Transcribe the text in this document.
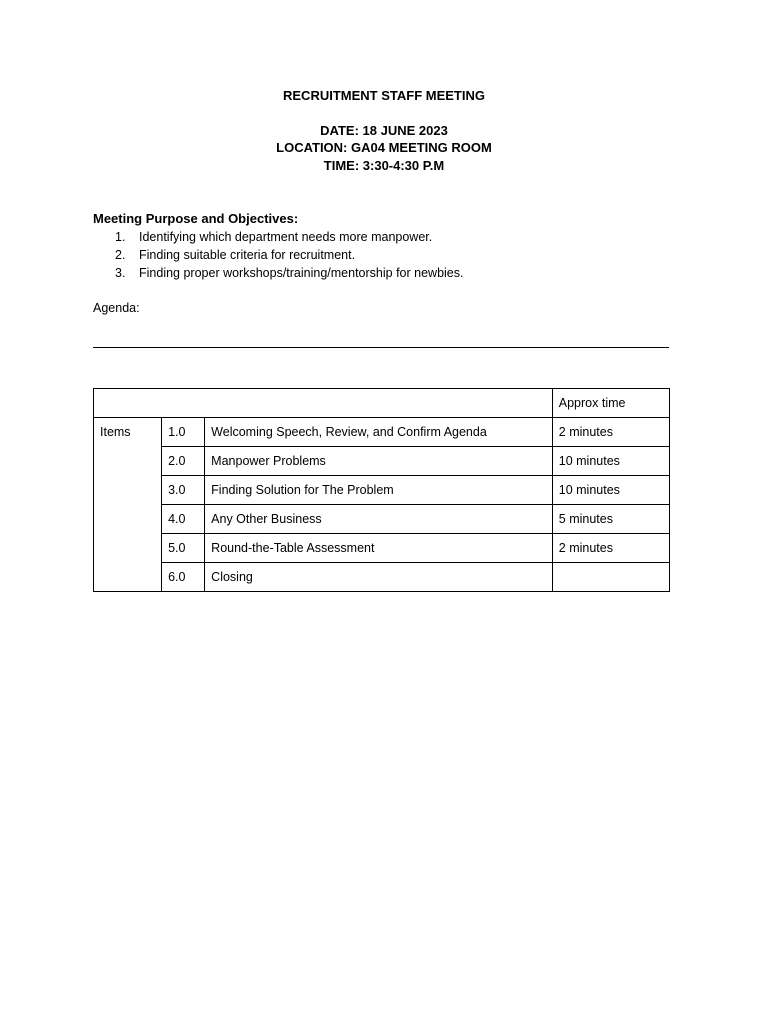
RECRUITMENT STAFF MEETING
DATE: 18 JUNE 2023
LOCATION: GA04 MEETING ROOM
TIME: 3:30-4:30 P.M
Meeting Purpose and Objectives:
1. Identifying which department needs more manpower.
2. Finding suitable criteria for recruitment.
3. Finding proper workshops/training/mentorship for newbies.
Agenda:
			Approx time
Items	1.0	Welcoming Speech, Review, and Confirm Agenda	2 minutes
	2.0	Manpower Problems	10 minutes
	3.0	Finding Solution for The Problem	10 minutes
	4.0	Any Other Business	5 minutes
	5.0	Round-the-Table Assessment	2 minutes
	6.0	Closing	
